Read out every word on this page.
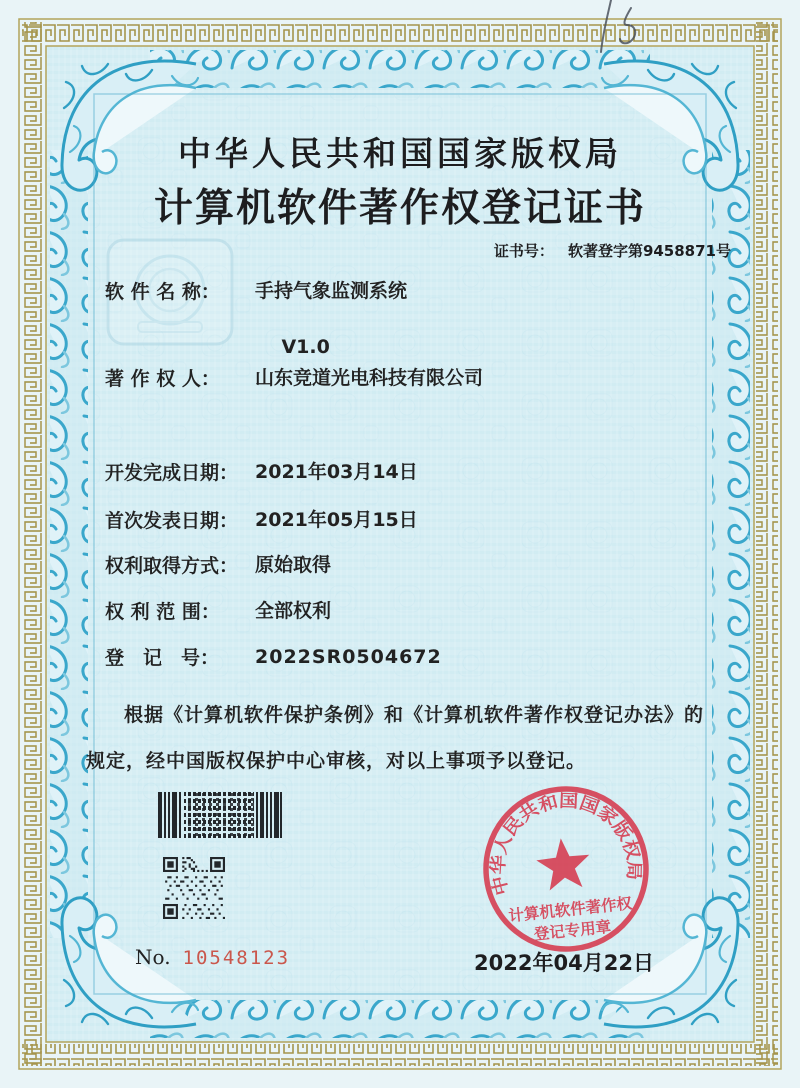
中华人民共和国国家版权局
计算机软件著作权登记证书
证书号： 软著登字第9458871号
软 件 名 称：	手持气象监测系统

V1.0
著 作 权 人：	山东竞道光电科技有限公司
开发完成日期： 2021年03月14日
首次发表日期： 2021年05月15日
权利取得方式： 原始取得
权 利 范 围：	全部权利
登　记　号：	2022SR0504672
根据《计算机软件保护条例》和《计算机软件著作权登记办法》的
规定，经中国版权保护中心审核，对以上事项予以登记。
No. 10548123
中华人民共和国国家版权局
计算机软件著作权
登记专用章
2022年04月22日
